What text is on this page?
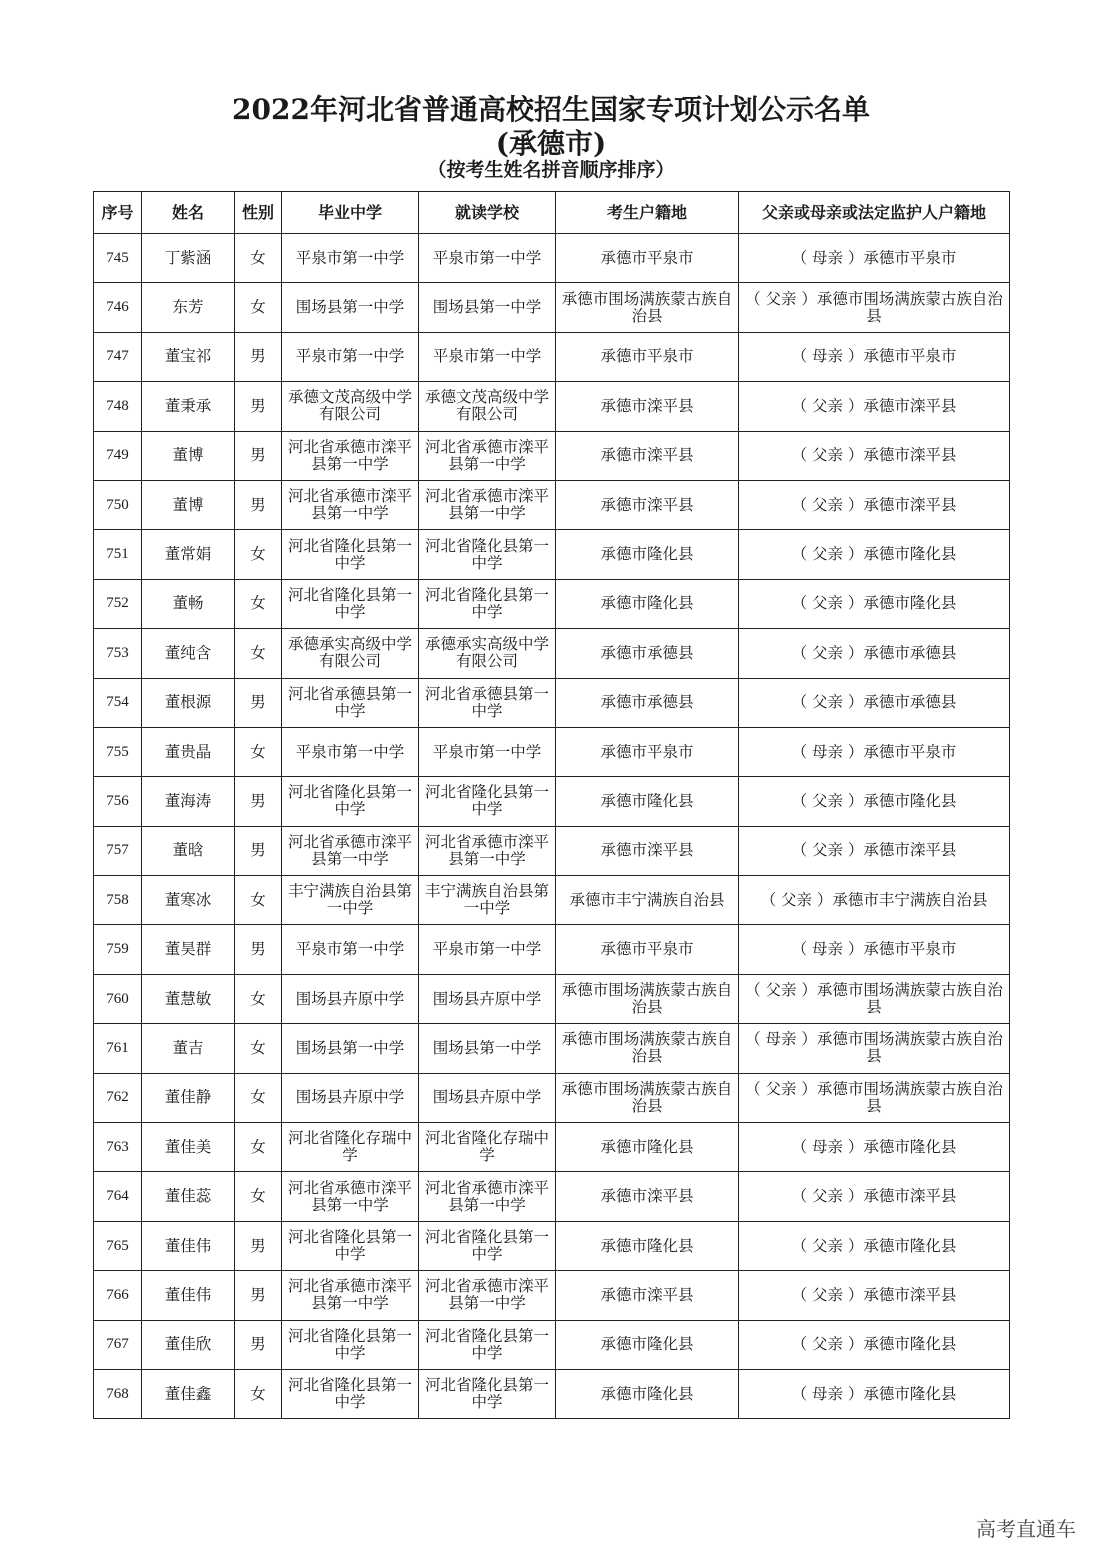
2022年河北省普通高校招生国家专项计划公示名单
(承德市)
（按考生姓名拼音顺序排序）
序号	姓名	性别	毕业中学	就读学校	考生户籍地	父亲或母亲或法定监护人户籍地
745	丁紫涵	女	平泉市第一中学	平泉市第一中学	承德市平泉市	（ 母亲 ）承德市平泉市
746	东芳	女	围场县第一中学	围场县第一中学	承德市围场满族蒙古族自治县	（ 父亲 ）承德市围场满族蒙古族自治县
747	董宝祁	男	平泉市第一中学	平泉市第一中学	承德市平泉市	（ 母亲 ）承德市平泉市
748	董秉承	男	承德文茂高级中学有限公司	承德文茂高级中学有限公司	承德市滦平县	（ 父亲 ）承德市滦平县
749	董博	男	河北省承德市滦平县第一中学	河北省承德市滦平县第一中学	承德市滦平县	（ 父亲 ）承德市滦平县
750	董博	男	河北省承德市滦平县第一中学	河北省承德市滦平县第一中学	承德市滦平县	（ 父亲 ）承德市滦平县
751	董常娟	女	河北省隆化县第一中学	河北省隆化县第一中学	承德市隆化县	（ 父亲 ）承德市隆化县
752	董畅	女	河北省隆化县第一中学	河北省隆化县第一中学	承德市隆化县	（ 父亲 ）承德市隆化县
753	董纯含	女	承德承实高级中学有限公司	承德承实高级中学有限公司	承德市承德县	（ 父亲 ）承德市承德县
754	董根源	男	河北省承德县第一中学	河北省承德县第一中学	承德市承德县	（ 父亲 ）承德市承德县
755	董贵晶	女	平泉市第一中学	平泉市第一中学	承德市平泉市	（ 母亲 ）承德市平泉市
756	董海涛	男	河北省隆化县第一中学	河北省隆化县第一中学	承德市隆化县	（ 父亲 ）承德市隆化县
757	董晗	男	河北省承德市滦平县第一中学	河北省承德市滦平县第一中学	承德市滦平县	（ 父亲 ）承德市滦平县
758	董寒冰	女	丰宁满族自治县第一中学	丰宁满族自治县第一中学	承德市丰宁满族自治县	（ 父亲 ）承德市丰宁满族自治县
759	董昊群	男	平泉市第一中学	平泉市第一中学	承德市平泉市	（ 母亲 ）承德市平泉市
760	董慧敏	女	围场县卉原中学	围场县卉原中学	承德市围场满族蒙古族自治县	（ 父亲 ）承德市围场满族蒙古族自治县
761	董吉	女	围场县第一中学	围场县第一中学	承德市围场满族蒙古族自治县	（ 母亲 ）承德市围场满族蒙古族自治县
762	董佳静	女	围场县卉原中学	围场县卉原中学	承德市围场满族蒙古族自治县	（ 父亲 ）承德市围场满族蒙古族自治县
763	董佳美	女	河北省隆化存瑞中学	河北省隆化存瑞中学	承德市隆化县	（ 母亲 ）承德市隆化县
764	董佳蕊	女	河北省承德市滦平县第一中学	河北省承德市滦平县第一中学	承德市滦平县	（ 父亲 ）承德市滦平县
765	董佳伟	男	河北省隆化县第一中学	河北省隆化县第一中学	承德市隆化县	（ 父亲 ）承德市隆化县
766	董佳伟	男	河北省承德市滦平县第一中学	河北省承德市滦平县第一中学	承德市滦平县	（ 父亲 ）承德市滦平县
767	董佳欣	男	河北省隆化县第一中学	河北省隆化县第一中学	承德市隆化县	（ 父亲 ）承德市隆化县
768	董佳鑫	女	河北省隆化县第一中学	河北省隆化县第一中学	承德市隆化县	（ 母亲 ）承德市隆化县
高考直通车
